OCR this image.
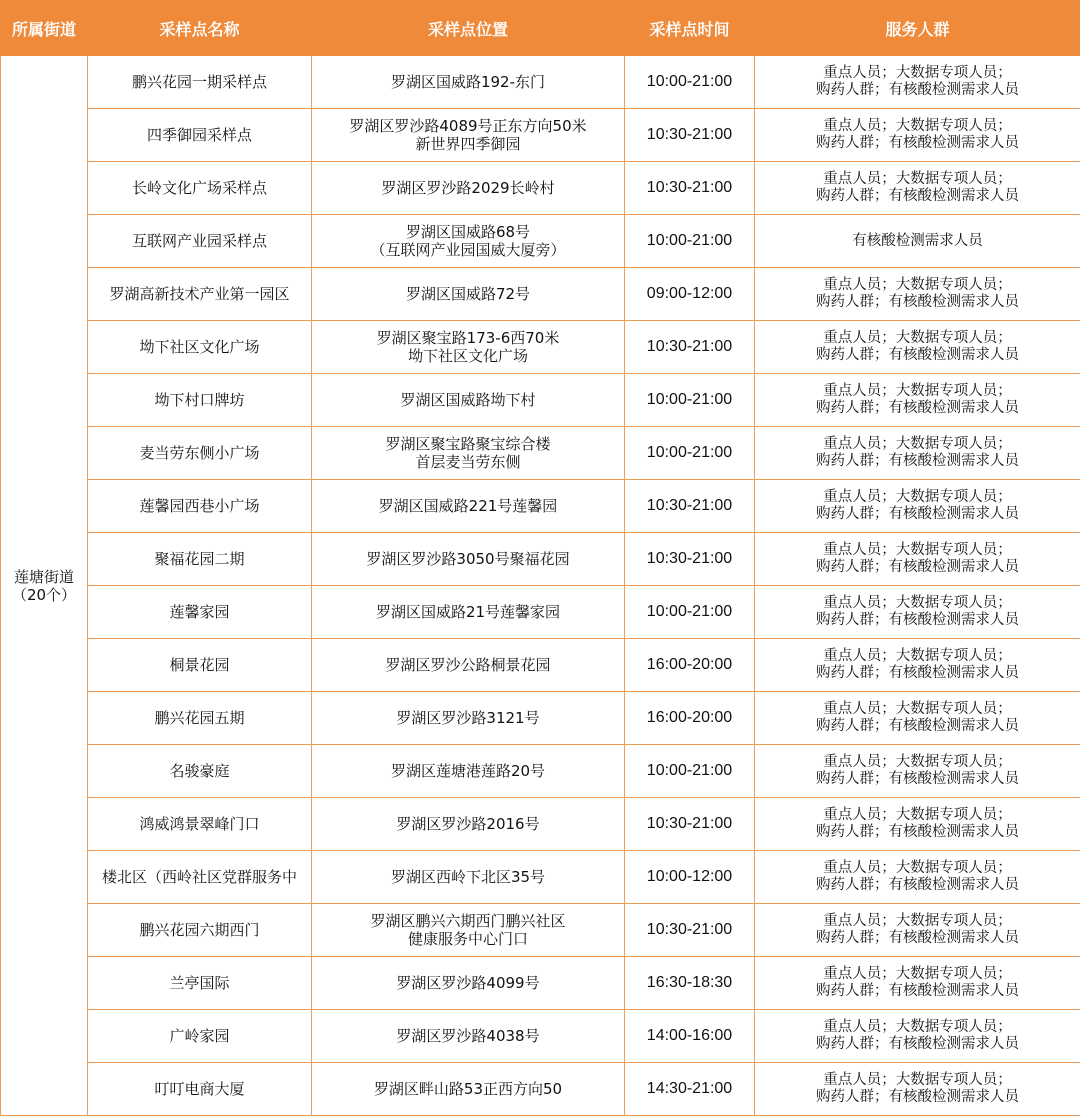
所属街道	采样点名称	采样点位置	采样点时间	服务人群
莲塘街道
（20个）	鹏兴花园一期采样点	罗湖区国威路192-东门	10:00-21:00	重点人员；大数据专项人员；
购药人群；有核酸检测需求人员
	四季御园采样点	罗湖区罗沙路4089号正东方向50米
新世界四季御园	10:30-21:00	重点人员；大数据专项人员；
购药人群；有核酸检测需求人员
	长岭文化广场采样点	罗湖区罗沙路2029长岭村	10:30-21:00	重点人员；大数据专项人员；
购药人群；有核酸检测需求人员
	互联网产业园采样点	罗湖区国威路68号
（互联网产业园国威大厦旁）	10:00-21:00	有核酸检测需求人员
	罗湖高新技术产业第一园区	罗湖区国威路72号	09:00-12:00	重点人员；大数据专项人员；
购药人群；有核酸检测需求人员
	坳下社区文化广场	罗湖区聚宝路173-6西70米
坳下社区文化广场	10:30-21:00	重点人员；大数据专项人员；
购药人群；有核酸检测需求人员
	坳下村口牌坊	罗湖区国威路坳下村	10:00-21:00	重点人员；大数据专项人员；
购药人群；有核酸检测需求人员
	麦当劳东侧小广场	罗湖区聚宝路聚宝综合楼
首层麦当劳东侧	10:00-21:00	重点人员；大数据专项人员；
购药人群；有核酸检测需求人员
	莲馨园西巷小广场	罗湖区国威路221号莲馨园	10:30-21:00	重点人员；大数据专项人员；
购药人群；有核酸检测需求人员
	聚福花园二期	罗湖区罗沙路3050号聚福花园	10:30-21:00	重点人员；大数据专项人员；
购药人群；有核酸检测需求人员
	莲馨家园	罗湖区国威路21号莲馨家园	10:00-21:00	重点人员；大数据专项人员；
购药人群；有核酸检测需求人员
	桐景花园	罗湖区罗沙公路桐景花园	16:00-20:00	重点人员；大数据专项人员；
购药人群；有核酸检测需求人员
	鹏兴花园五期	罗湖区罗沙路3121号	16:00-20:00	重点人员；大数据专项人员；
购药人群；有核酸检测需求人员
	名骏豪庭	罗湖区莲塘港莲路20号	10:00-21:00	重点人员；大数据专项人员；
购药人群；有核酸检测需求人员
	鸿威鸿景翠峰门口	罗湖区罗沙路2016号	10:30-21:00	重点人员；大数据专项人员；
购药人群；有核酸检测需求人员
	楼北区（西岭社区党群服务中	罗湖区西岭下北区35号	10:00-12:00	重点人员；大数据专项人员；
购药人群；有核酸检测需求人员
	鹏兴花园六期西门	罗湖区鹏兴六期西门鹏兴社区
健康服务中心门口	10:30-21:00	重点人员；大数据专项人员；
购药人群；有核酸检测需求人员
	兰亭国际	罗湖区罗沙路4099号	16:30-18:30	重点人员；大数据专项人员；
购药人群；有核酸检测需求人员
	广岭家园	罗湖区罗沙路4038号	14:00-16:00	重点人员；大数据专项人员；
购药人群；有核酸检测需求人员
	叮叮电商大厦	罗湖区畔山路53正西方向50	14:30-21:00	重点人员；大数据专项人员；
购药人群；有核酸检测需求人员
